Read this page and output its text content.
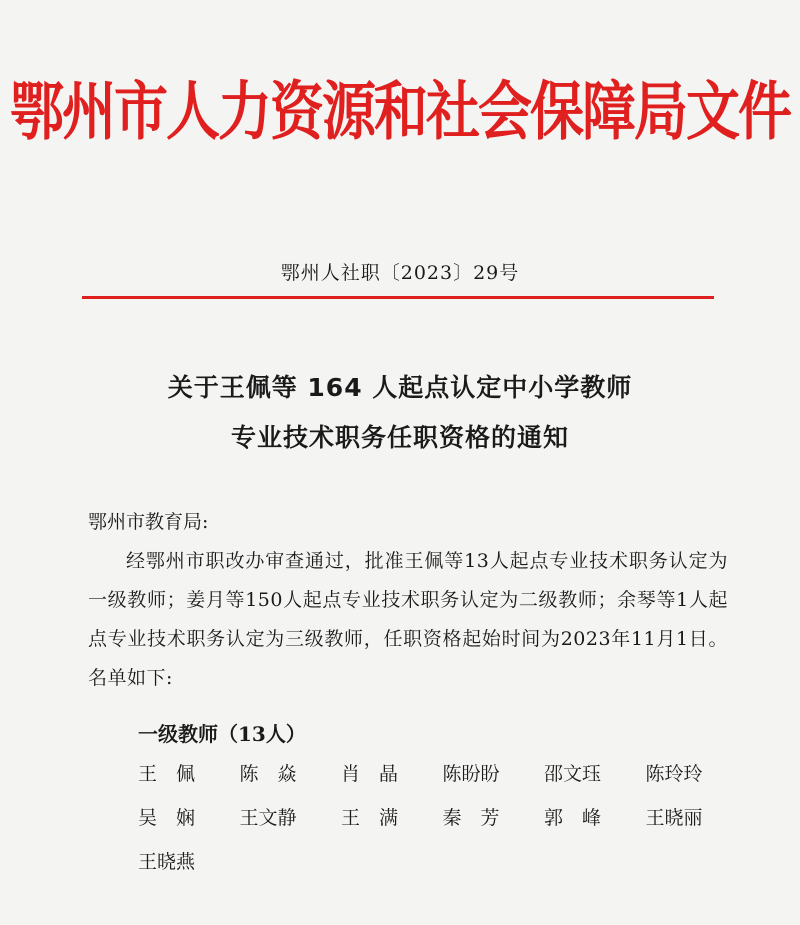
鄂州市人力资源和社会保障局文件
鄂州人社职〔2023〕29号
关于王佩等 164 人起点认定中小学教师
专业技术职务任职资格的通知
鄂州市教育局:

经鄂州市职改办审查通过，批准王佩等13人起点专业技术职务认定为一级教师；姜月等150人起点专业技术职务认定为二级教师；余琴等1人起点专业技术职务认定为三级教师，任职资格起始时间为2023年11月1日。名单如下:

一级教师（13人）
王　佩	陈　焱	肖　晶	陈盼盼	邵文珏	陈玲玲
吴　娴	王文静	王　满	秦　芳	郭　峰	王晓丽
王晓燕
